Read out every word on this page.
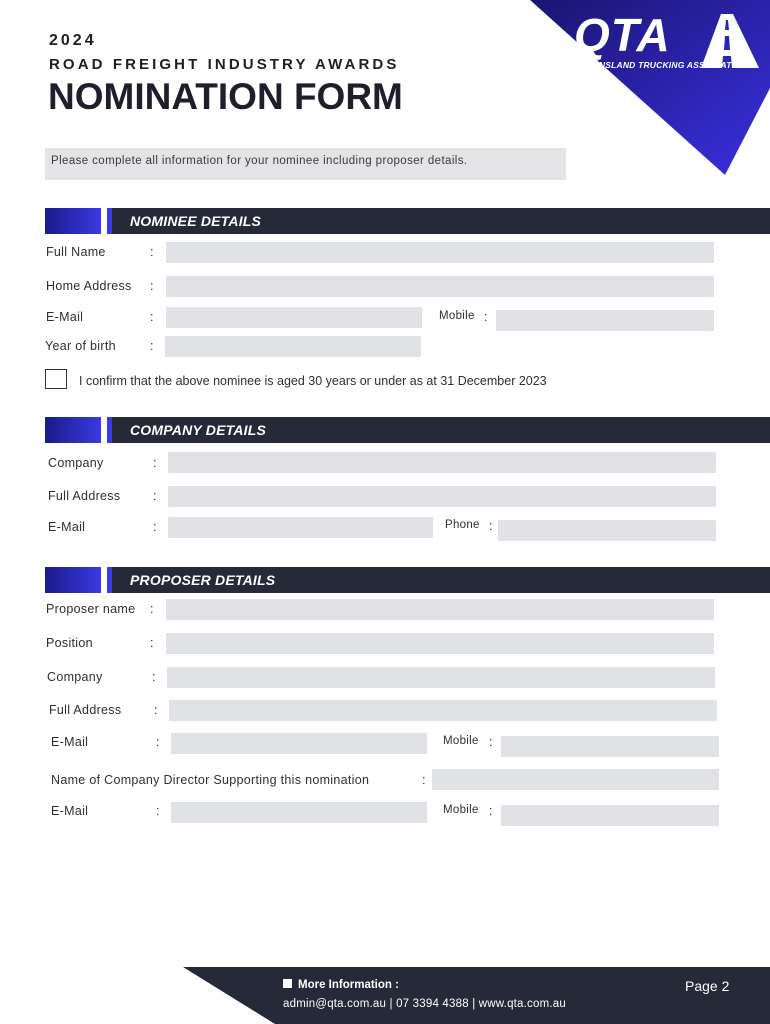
QTA
QUEENSLAND TRUCKING ASSOCIATION
2024
ROAD FREIGHT INDUSTRY AWARDS
NOMINATION FORM
Please complete all information for your nominee including proposer details.
NOMINEE DETAILS
Full Name	:
Home Address :
E-Mail	:	Mobile :
Year of birth	:
I confirm that the above nominee is aged 30 years or under as at 31 December 2023
COMPANY DETAILS
Company	:
Full Address	:
E-Mail	:	Phone :
PROPOSER DETAILS
Proposer name :
Position	:
Company	:
Full Address	:
E-Mail	:	Mobile :
Name of Company Director Supporting this nomination	:
E-Mail	:	Mobile :
More Information :
admin@qta.com.au | 07 3394 4388 | www.qta.com.au
Page 2
